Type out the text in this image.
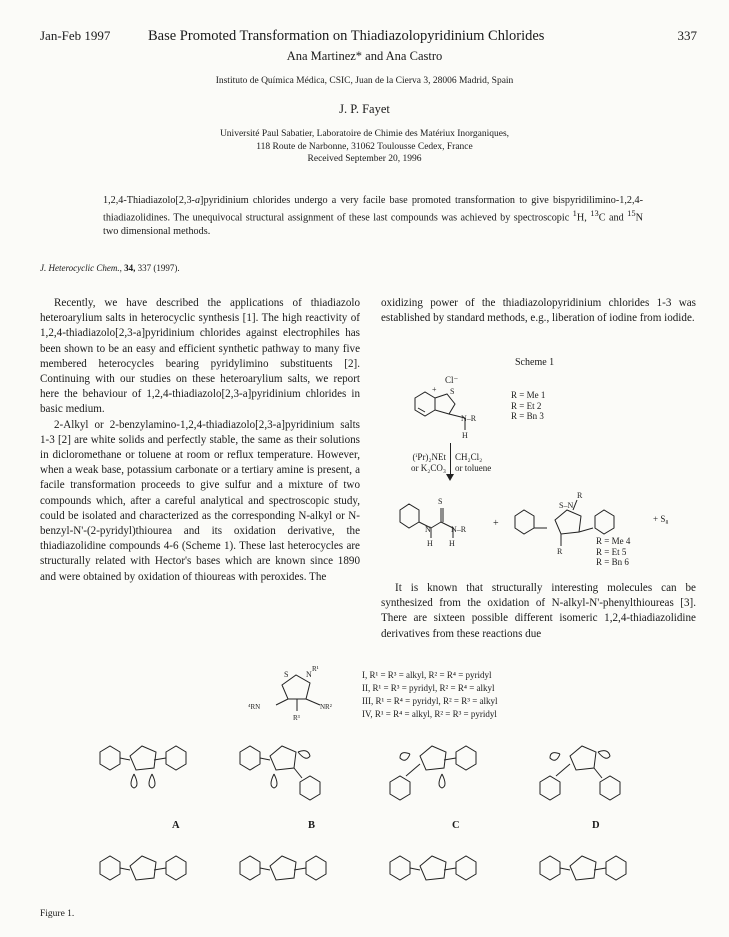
Jan-Feb 1997	Base Promoted Transformation on Thiadiazolopyridinium Chlorides	337
Ana Martinez* and Ana Castro
Instituto de Química Médica, CSIC, Juan de la Cierva 3, 28006 Madrid, Spain
J. P. Fayet
Université Paul Sabatier, Laboratoire de Chimie des Matériux Inorganiques,
118 Route de Narbonne, 31062 Toulousse Cedex, France
Received September 20, 1996
1,2,4-Thiadiazolo[2,3-a]pyridinium chlorides undergo a very facile base promoted transformation to give bispyridilimino-1,2,4-thiadiazolidines. The unequivocal structural assignment of these last compounds was achieved by spectroscopic $^1$H, $^{13}$C and $^{15}$N two dimensional methods.
J. Heterocyclic Chem., 34, 337 (1997).

Recently, we have described the applications of thiadiazolo heteroarylium salts in heterocyclic synthesis [1]. The high reactivity of 1,2,4-thiadiazolo[2,3-a]pyridinium chlorides against electrophiles has been shown to be an easy and efficient synthetic pathway to many five membered heterocycles bearing pyridylimino substituents [2]. Continuing with our studies on these heteroarylium salts, we report here the behaviour of 1,2,4-thiadiazolo[2,3-a]pyridinium chlorides in basic medium.

2-Alkyl or 2-benzylamino-1,2,4-thiadiazolo[2,3-a]pyridinium salts 1-3 [2] are white solids and perfectly stable, the same as their solutions in dicloromethane or toluene at room or reflux temperature. However, when a weak base, potassium carbonate or a tertiary amine is present, a facile transformation proceeds to give sulfur and a mixture of two compounds which, after a careful analytical and spectroscopic study, could be isolated and characterized as the corresponding N-alkyl or N-benzyl-N'-(2-pyridyl)thiourea and its oxidation derivative, the thiadiazolidine compounds 4-6 (Scheme 1). These last heterocycles are structurally related with Hector's bases which are known since 1890 and were obtained by oxidation of thioureas with peroxides. The

oxidizing power of the thiadiazolopyridinium chlorides 1-3 was established by standard methods, e.g., liberation of iodine from iodide.

Scheme 1
+ S
N–R
H
Cl⁻
R = Me 1
R = Et 2
R = Bn 3
(ⁱPr)₂NEt
or K₂CO₃
CH₂Cl₂
or toluene
S
N	N–R
H H
+
S–N
R
R
+ S₈
R = Me 4
R = Et 5
R = Bn 6

It is known that structurally interesting molecules can be synthesized from the oxidation of N-alkyl-N'-phenylthioureas [3]. There are sixteen possible different isomeric 1,2,4-thiadiazolidine derivatives from these reactions due

S N
R¹
⁴RN	NR²
R³
I, R¹ = R³ = alkyl, R² = R⁴ = pyridyl
II, R¹ = R³ = pyridyl, R² = R⁴ = alkyl
III, R¹ = R⁴ = pyridyl, R² = R³ = alkyl
IV, R¹ = R⁴ = alkyl, R² = R³ = pyridyl
A	B	C	D
Figure 1.
